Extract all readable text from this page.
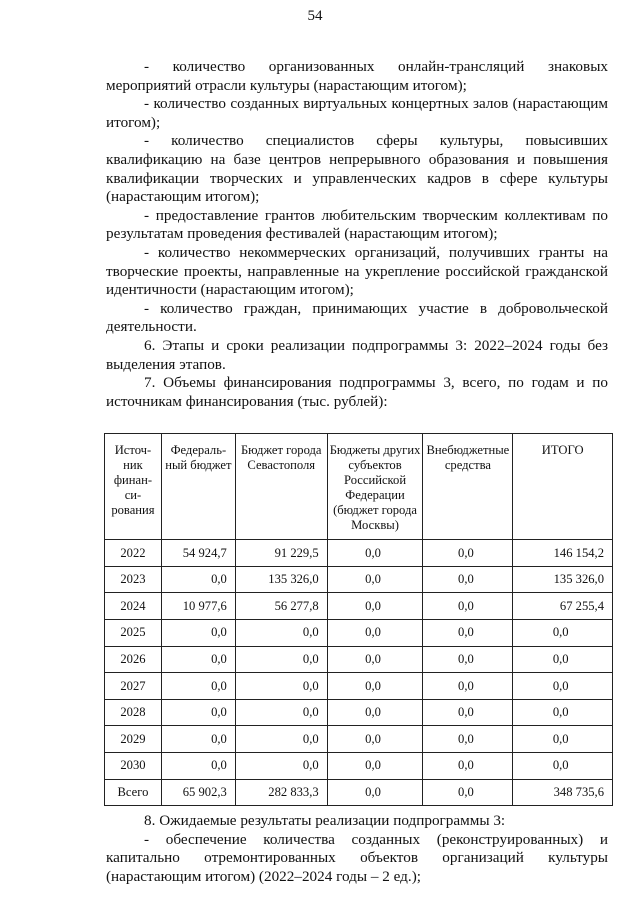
54

- количество организованных онлайн-трансляций знаковых мероприятий отрасли культуры (нарастающим итогом);

- количество созданных виртуальных концертных залов (нарастающим итогом);

- количество специалистов сферы культуры, повысивших квалификацию на базе центров непрерывного образования и повышения квалификации творческих и управленческих кадров в сфере культуры (нарастающим итогом);

- предоставление грантов любительским творческим коллективам по результатам проведения фестивалей (нарастающим итогом);

- количество некоммерческих организаций, получивших гранты на творческие проекты, направленные на укрепление российской гражданской идентичности (нарастающим итогом);

- количество граждан, принимающих участие в добровольческой деятельности.

6. Этапы и сроки реализации подпрограммы 3: 2022–2024 годы без выделения этапов.

7. Объемы финансирования подпрограммы 3, всего, по годам и по источникам финансирования (тыс. рублей):

Источ-ник финан-си-рования	Федераль-ный бюджет	Бюджет города Севастополя	Бюджеты других субъектов Российской Федерации (бюджет города Москвы)	Внебюджетные средства	ИТОГО
2022	54 924,7	91 229,5	0,0	0,0	146 154,2
2023	0,0	135 326,0	0,0	0,0	135 326,0
2024	10 977,6	56 277,8	0,0	0,0	67 255,4
2025	0,0	0,0	0,0	0,0	0,0
2026	0,0	0,0	0,0	0,0	0,0
2027	0,0	0,0	0,0	0,0	0,0
2028	0,0	0,0	0,0	0,0	0,0
2029	0,0	0,0	0,0	0,0	0,0
2030	0,0	0,0	0,0	0,0	0,0
Всего	65 902,3	282 833,3	0,0	0,0	348 735,6

8. Ожидаемые результаты реализации подпрограммы 3:

- обеспечение количества созданных (реконструированных) и капитально отремонтированных объектов организаций культуры (нарастающим итогом) (2022–2024 годы – 2 ед.);
